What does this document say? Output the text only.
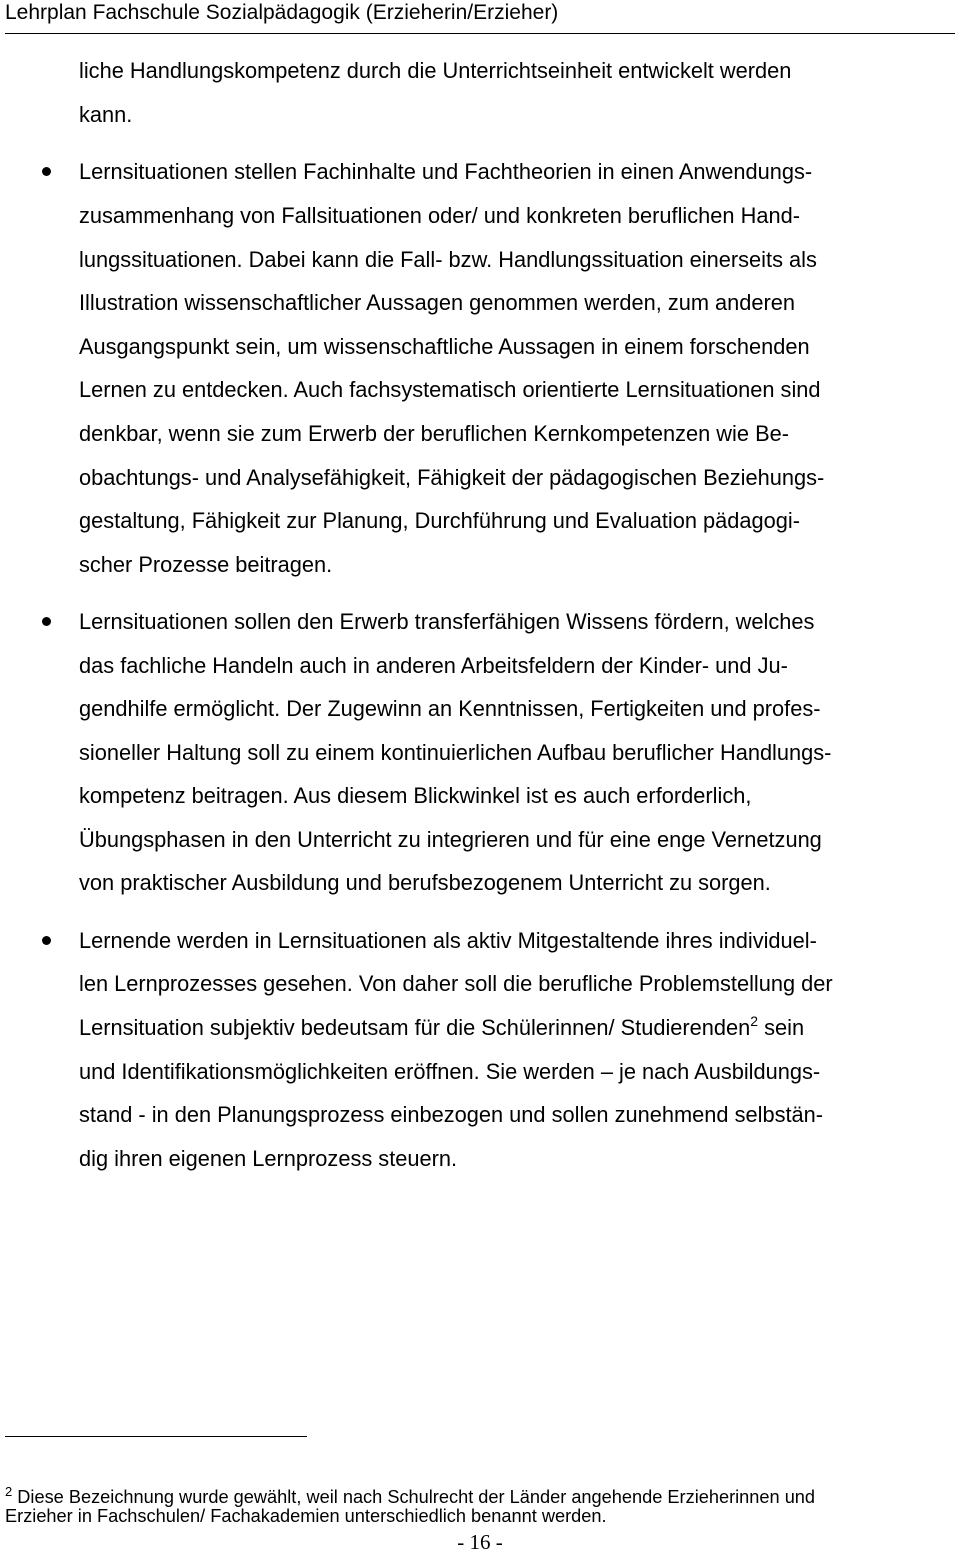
Lehrplan Fachschule Sozialpädagogik (Erzieherin/Erzieher)
liche Handlungskompetenz durch die Unterrichtseinheit entwickelt werden
kann.
Lernsituationen stellen Fachinhalte und Fachtheorien in einen Anwendungs-
zusammenhang von Fallsituationen oder/ und konkreten beruflichen Hand-
lungssituationen. Dabei kann die Fall- bzw. Handlungssituation einerseits als
Illustration wissenschaftlicher Aussagen genommen werden, zum anderen
Ausgangspunkt sein, um wissenschaftliche Aussagen in einem forschenden
Lernen zu entdecken. Auch fachsystematisch orientierte Lernsituationen sind
denkbar, wenn sie zum Erwerb der beruflichen Kernkompetenzen wie Be-
obachtungs- und Analysefähigkeit, Fähigkeit der pädagogischen Beziehungs-
gestaltung, Fähigkeit zur Planung, Durchführung und Evaluation pädagogi-
scher Prozesse beitragen.
Lernsituationen sollen den Erwerb transferfähigen Wissens fördern, welches
das fachliche Handeln auch in anderen Arbeitsfeldern der Kinder- und Ju-
gendhilfe ermöglicht. Der Zugewinn an Kenntnissen, Fertigkeiten und profes-
sioneller Haltung soll zu einem kontinuierlichen Aufbau beruflicher Handlungs-
kompetenz beitragen. Aus diesem Blickwinkel ist es auch erforderlich,
Übungsphasen in den Unterricht zu integrieren und für eine enge Vernetzung
von praktischer Ausbildung und berufsbezogenem Unterricht zu sorgen.
Lernende werden in Lernsituationen als aktiv Mitgestaltende ihres individuel-
len Lernprozesses gesehen. Von daher soll die berufliche Problemstellung der
Lernsituation subjektiv bedeutsam für die Schülerinnen/ Studierenden$^2$ sein
und Identifikationsmöglichkeiten eröffnen. Sie werden – je nach Ausbildungs-
stand - in den Planungsprozess einbezogen und sollen zunehmend selbstän-
dig ihren eigenen Lernprozess steuern.
$^2$ Diese Bezeichnung wurde gewählt, weil nach Schulrecht der Länder angehende Erzieherinnen und
Erzieher in Fachschulen/ Fachakademien unterschiedlich benannt werden.
- 16 -
